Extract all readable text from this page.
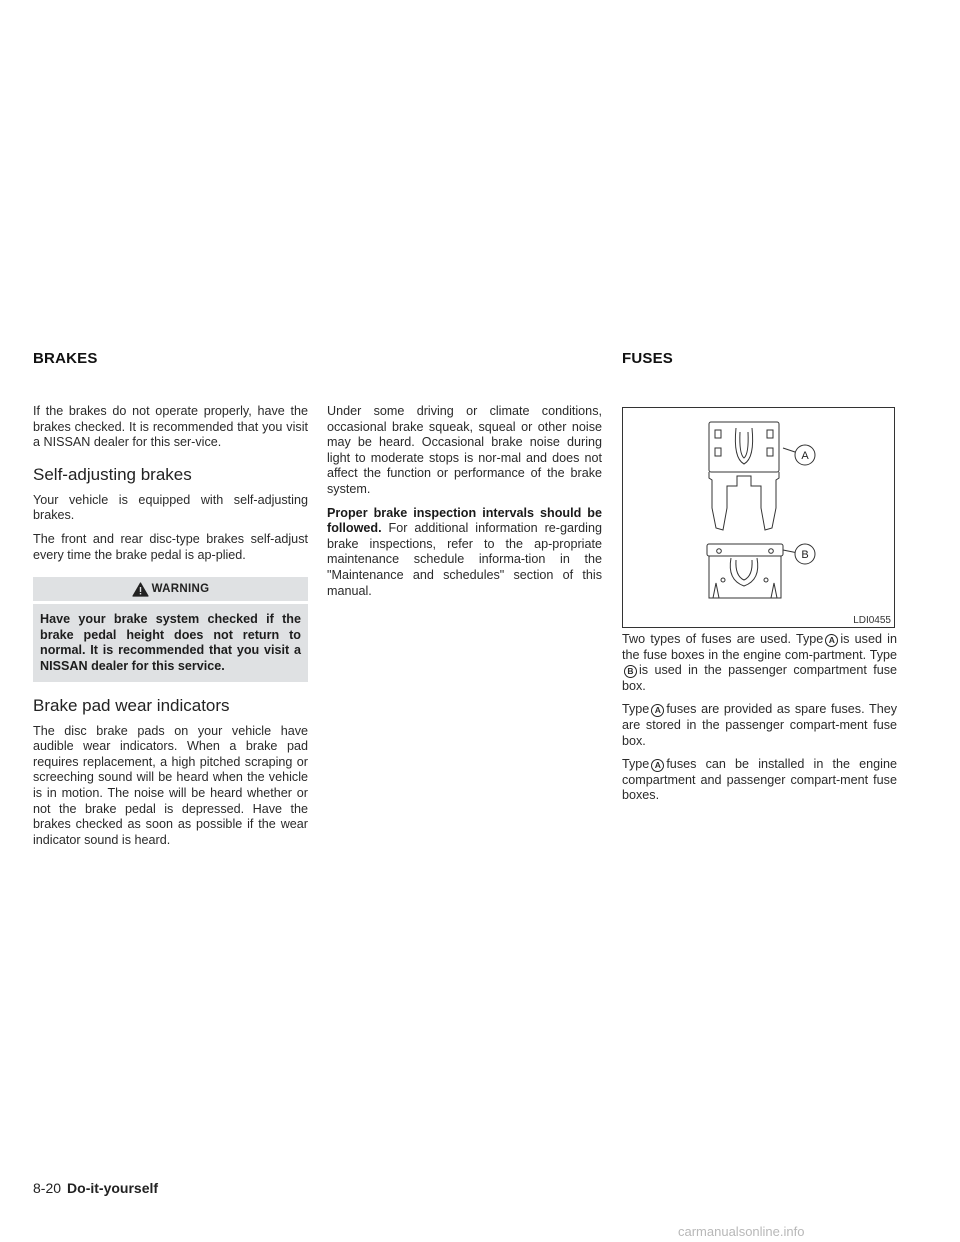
BRAKES	FUSES

If the brakes do not operate properly, have the brakes checked. It is recommended that you visit a NISSAN dealer for this ser-vice.

Self-adjusting brakes

Your vehicle is equipped with self-adjusting brakes.

The front and rear disc-type brakes self-adjust every time the brake pedal is ap-plied.

WARNING
Have your brake system checked if the brake pedal height does not return to normal. It is recommended that you visit a NISSAN dealer for this service.
Brake pad wear indicators

The disc brake pads on your vehicle have audible wear indicators. When a brake pad requires replacement, a high pitched scraping or screeching sound will be heard when the vehicle is in motion. The noise will be heard whether or not the brake pedal is depressed. Have the brakes checked as soon as possible if the wear indicator sound is heard.

Under some driving or climate conditions, occasional brake squeak, squeal or other noise may be heard. Occasional brake noise during light to moderate stops is nor-mal and does not affect the function or performance of the brake system.

Proper brake inspection intervals should be followed. For additional information re-garding brake inspections, refer to the ap-propriate maintenance schedule informa-tion in the "Maintenance and schedules" section of this manual.

A
B
LDI0455

Two types of fuses are used. Type A is used in the fuse boxes in the engine com-partment. TypeB is used in the passenger compartment fuse box.

Type A fuses are provided as spare fuses. They are stored in the passenger compart-ment fuse box.

Type A fuses can be installed in the engine compartment and passenger compart-ment fuse boxes.

8-20 Do-it-yourself
carmanualsonline.info
